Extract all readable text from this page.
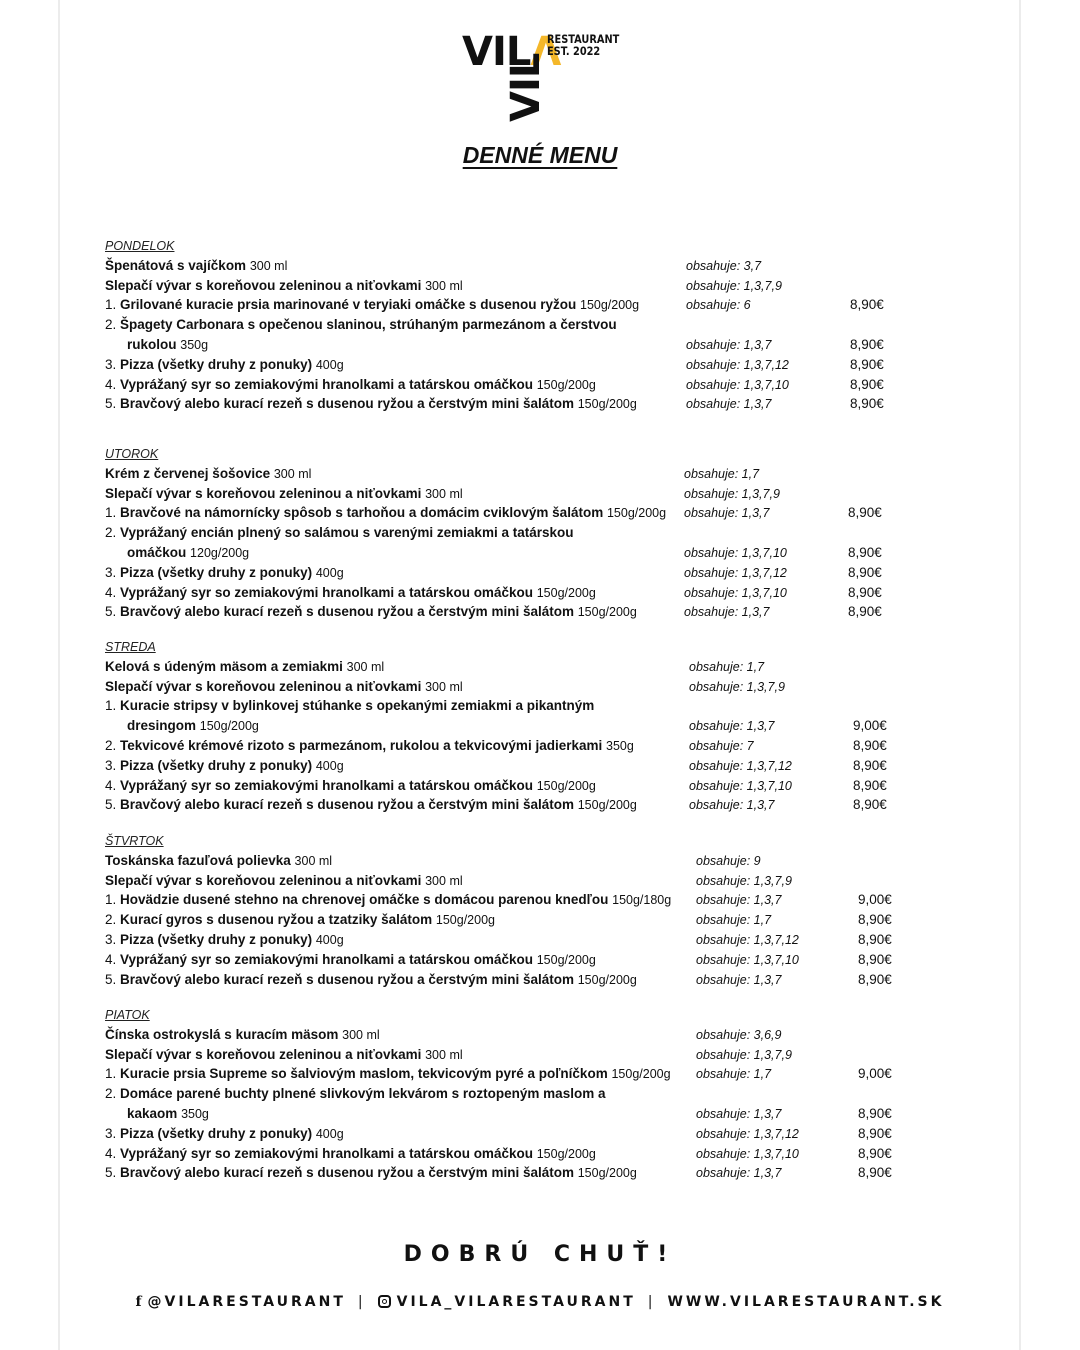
VILΛ
VIL
RESTAURANT
EST. 2022
DENNÉ MENU
PONDELOK
Špenátová s vajíčkom 300 ml	obsahuje: 3,7
Slepačí vývar s koreňovou zeleninou a niťovkami 300 ml	obsahuje: 1,3,7,9
1. Grilované kuracie prsia marinované v teryiaki omáčke s dusenou ryžou 150g/200g	obsahuje: 6	8,90€
2. Špagety Carbonara s opečenou slaninou, strúhaným parmezánom a čerstvou
rukolou 350g	obsahuje: 1,3,7	8,90€
3. Pizza (všetky druhy z ponuky) 400g	obsahuje: 1,3,7,12	8,90€
4. Vyprážaný syr so zemiakovými hranolkami a tatárskou omáčkou 150g/200g	obsahuje: 1,3,7,10	8,90€
5. Bravčový alebo kurací rezeň s dusenou ryžou a čerstvým mini šalátom 150g/200g	obsahuje: 1,3,7	8,90€
UTOROK
Krém z červenej šošovice 300 ml	obsahuje: 1,7
Slepačí vývar s koreňovou zeleninou a niťovkami 300 ml	obsahuje: 1,3,7,9
1. Bravčové na námornícky spôsob s tarhoňou a domácim cviklovým šalátom 150g/200g obsahuje: 1,3,7	8,90€
2. Vyprážaný encián plnený so salámou s varenými zemiakmi a tatárskou
omáčkou 120g/200g	obsahuje: 1,3,7,10	8,90€
3. Pizza (všetky druhy z ponuky) 400g	obsahuje: 1,3,7,12	8,90€
4. Vyprážaný syr so zemiakovými hranolkami a tatárskou omáčkou 150g/200g	obsahuje: 1,3,7,10	8,90€
5. Bravčový alebo kurací rezeň s dusenou ryžou a čerstvým mini šalátom 150g/200g	obsahuje: 1,3,7	8,90€
STREDA
Kelová s údeným mäsom a zemiakmi 300 ml	obsahuje: 1,7
Slepačí vývar s koreňovou zeleninou a niťovkami 300 ml	obsahuje: 1,3,7,9
1. Kuracie stripsy v bylinkovej stúhanke s opekanými zemiakmi a pikantným
dresingom 150g/200g	obsahuje: 1,3,7	9,00€
2. Tekvicové krémové rizoto s parmezánom, rukolou a tekvicovými jadierkami 350g	obsahuje: 7	8,90€
3. Pizza (všetky druhy z ponuky) 400g	obsahuje: 1,3,7,12	8,90€
4. Vyprážaný syr so zemiakovými hranolkami a tatárskou omáčkou 150g/200g	obsahuje: 1,3,7,10	8,90€
5. Bravčový alebo kurací rezeň s dusenou ryžou a čerstvým mini šalátom 150g/200g	obsahuje: 1,3,7	8,90€
ŠTVRTOK
Toskánska fazuľová polievka 300 ml	obsahuje: 9
Slepačí vývar s koreňovou zeleninou a niťovkami 300 ml	obsahuje: 1,3,7,9
1. Hovädzie dusené stehno na chrenovej omáčke s domácou parenou knedľou 150g/180g obsahuje: 1,3,7	9,00€
2. Kurací gyros s dusenou ryžou a tzatziky šalátom 150g/200g	obsahuje: 1,7	8,90€
3. Pizza (všetky druhy z ponuky) 400g	obsahuje: 1,3,7,12	8,90€
4. Vyprážaný syr so zemiakovými hranolkami a tatárskou omáčkou 150g/200g	obsahuje: 1,3,7,10	8,90€
5. Bravčový alebo kurací rezeň s dusenou ryžou a čerstvým mini šalátom 150g/200g	obsahuje: 1,3,7	8,90€
PIATOK
Čínska ostrokyslá s kuracím mäsom 300 ml	obsahuje: 3,6,9
Slepačí vývar s koreňovou zeleninou a niťovkami 300 ml	obsahuje: 1,3,7,9
1. Kuracie prsia Supreme so šalviovým maslom, tekvicovým pyré a poľníčkom 150g/200g obsahuje: 1,7	9,00€
2. Domáce parené buchty plnené slivkovým lekvárom s roztopeným maslom a
kakaom 350g	obsahuje: 1,3,7	8,90€
3. Pizza (všetky druhy z ponuky) 400g	obsahuje: 1,3,7,12	8,90€
4. Vyprážaný syr so zemiakovými hranolkami a tatárskou omáčkou 150g/200g	obsahuje: 1,3,7,10	8,90€
5. Bravčový alebo kurací rezeň s dusenou ryžou a čerstvým mini šalátom 150g/200g	obsahuje: 1,3,7	8,90€
DOBRÚ CHUŤ!
f @VILARESTAURANT | VILA_VILARESTAURANT | WWW.VILARESTAURANT.SK
